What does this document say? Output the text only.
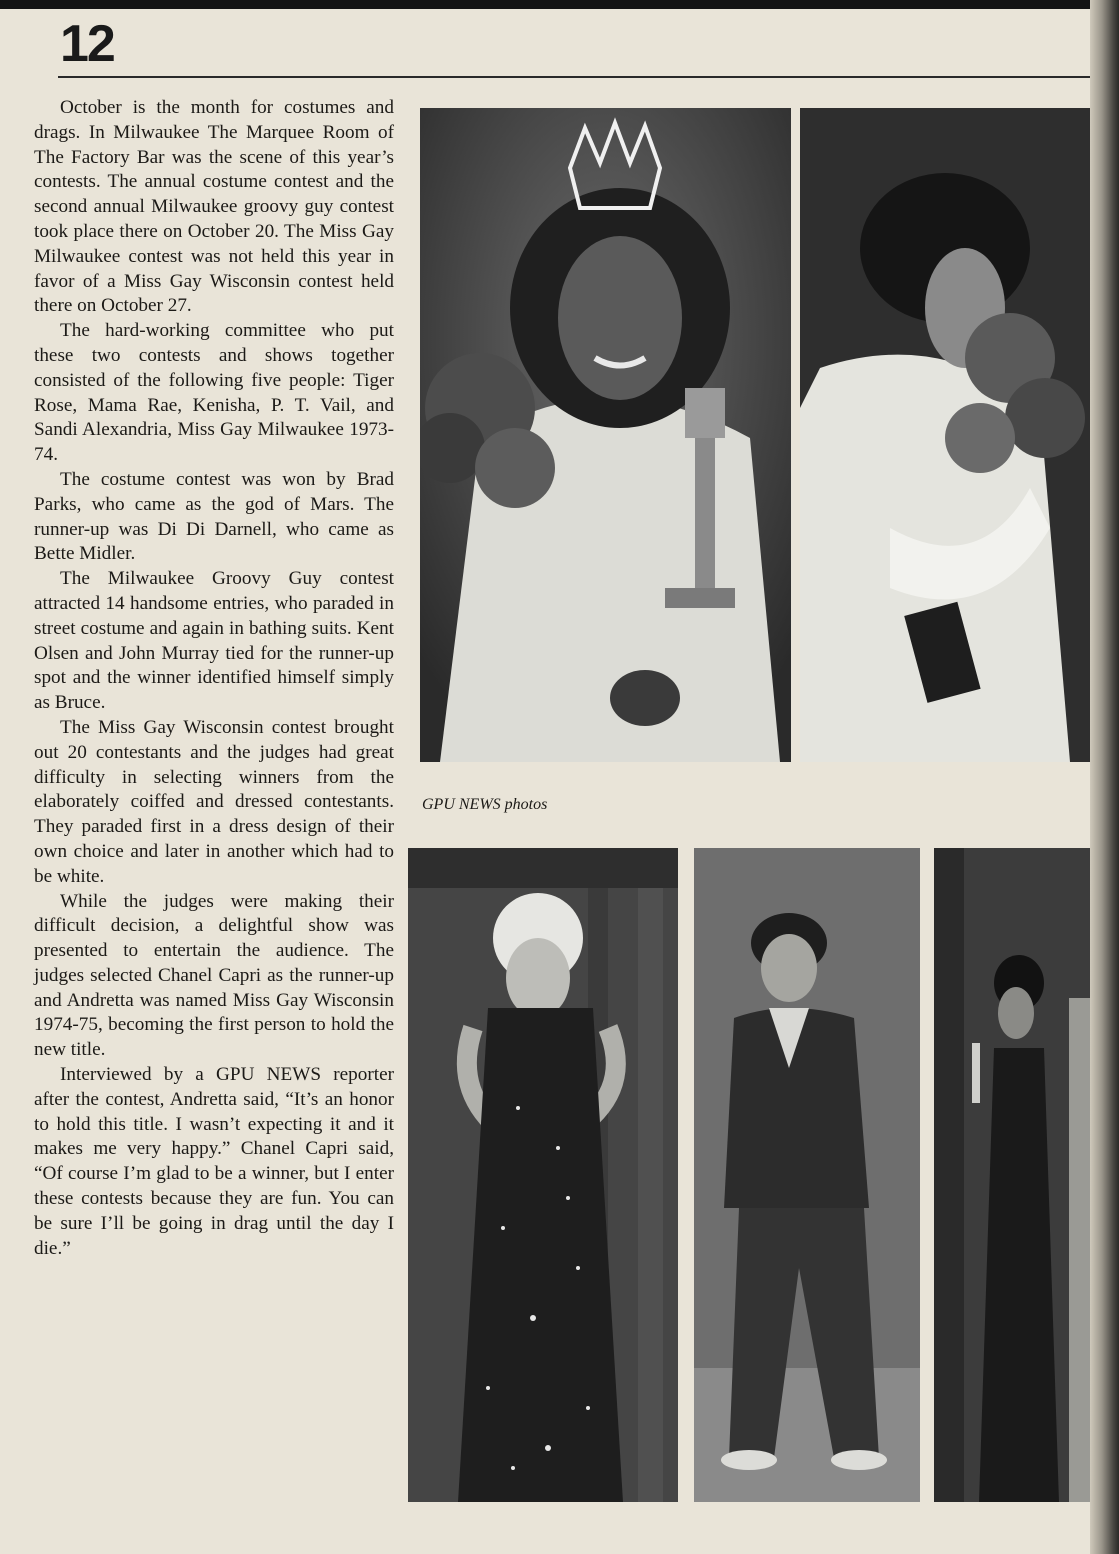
12

October is the month for costumes and drags. In Milwaukee The Marquee Room of The Factory Bar was the scene of this year’s contests. The annual costume contest and the second annual Milwaukee groovy guy contest took place there on October 20. The Miss Gay Milwaukee contest was not held this year in favor of a Miss Gay Wisconsin contest held there on October 27.

The hard-working committee who put these two contests and shows together consisted of the following five people: Tiger Rose, Mama Rae, Kenisha, P. T. Vail, and Sandi Alexandria, Miss Gay Milwaukee 1973-74.

The costume contest was won by Brad Parks, who came as the god of Mars. The runner-up was Di Di Darnell, who came as Bette Midler.

The Milwaukee Groovy Guy contest attracted 14 handsome entries, who paraded in street costume and again in bathing suits. Kent Olsen and John Murray tied for the runner-up spot and the winner identified himself simply as Bruce.

The Miss Gay Wisconsin contest brought out 20 contestants and the judges had great difficulty in selecting winners from the elaborately coiffed and dressed contestants. They paraded first in a dress design of their own choice and later in another which had to be white.

While the judges were making their difficult decision, a delightful show was presented to entertain the audience. The judges selected Chanel Capri as the runner-up and Andretta was named Miss Gay Wisconsin 1974-75, becoming the first person to hold the new title.

Interviewed by a GPU NEWS reporter after the contest, Andretta said, “It’s an honor to hold this title. I wasn’t expecting it and it makes me very happy.” Chanel Capri said, “Of course I’m glad to be a winner, but I enter these contests because they are fun. You can be sure I’ll be going in drag until the day I die.”

GPU NEWS photos
